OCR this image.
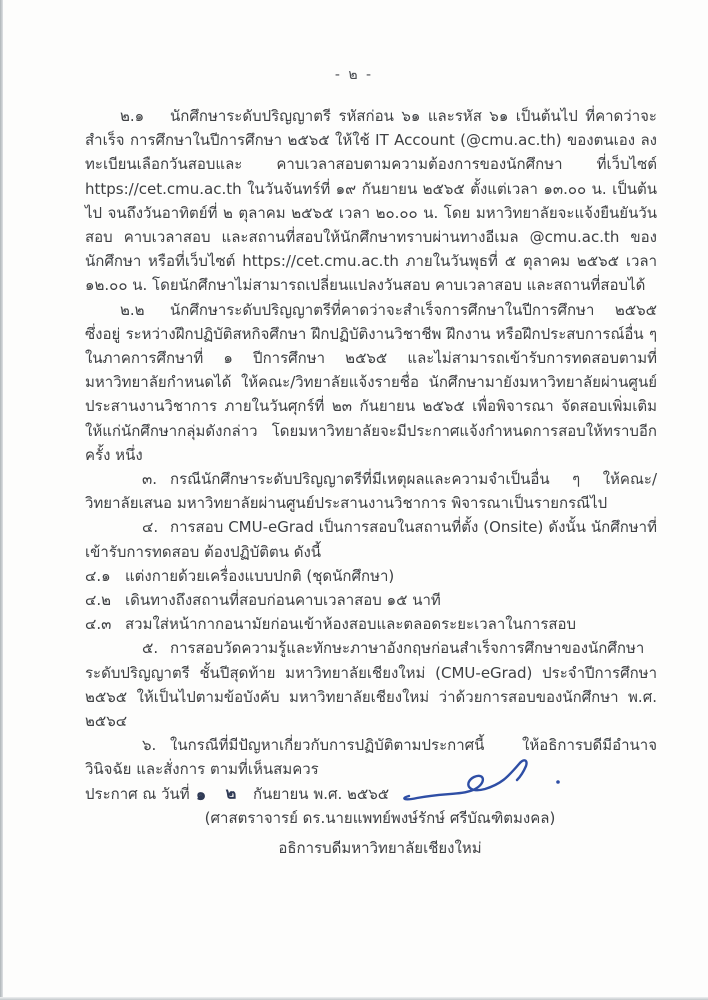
- ๒ -

๒.๑ นักศึกษาระดับปริญญาตรี รหัสก่อน ๖๑ และรหัส ๖๑ เป็นต้นไป ที่คาดว่าจะสำเร็จ การศึกษาในปีการศึกษา ๒๕๖๕ ให้ใช้ IT Account (@cmu.ac.th) ของตนเอง ลงทะเบียนเลือกวันสอบและ คาบเวลาสอบตามความต้องการของนักศึกษา ที่เว็บไซต์ https://cet.cmu.ac.th ในวันจันทร์ที่ ๑๙ กันยายน ๒๕๖๕ ตั้งแต่เวลา ๑๓.๐๐ น. เป็นต้นไป จนถึงวันอาทิตย์ที่ ๒ ตุลาคม ๒๕๖๕ เวลา ๒๐.๐๐ น. โดย มหาวิทยาลัยจะแจ้งยืนยันวันสอบ คาบเวลาสอบ และสถานที่สอบให้นักศึกษาทราบผ่านทางอีเมล @cmu.ac.th ของนักศึกษา หรือที่เว็บไซต์ https://cet.cmu.ac.th ภายในวันพุธที่ ๕ ตุลาคม ๒๕๖๕ เวลา ๑๒.๐๐ น. โดยนักศึกษาไม่สามารถเปลี่ยนแปลงวันสอบ คาบเวลาสอบ และสถานที่สอบได้

๒.๒ นักศึกษาระดับปริญญาตรีที่คาดว่าจะสำเร็จการศึกษาในปีการศึกษา ๒๕๖๕ ซึ่งอยู่ ระหว่างฝึกปฏิบัติสหกิจศึกษา ฝึกปฏิบัติงานวิชาชีพ ฝึกงาน หรือฝึกประสบการณ์อื่น ๆ ในภาคการศึกษาที่ ๑ ปีการศึกษา ๒๕๖๕ และไม่สามารถเข้ารับการทดสอบตามที่มหาวิทยาลัยกำหนดได้ ให้คณะ/วิทยาลัยแจ้งรายชื่อ นักศึกษามายังมหาวิทยาลัยผ่านศูนย์ประสานงานวิชาการ ภายในวันศุกร์ที่ ๒๓ กันยายน ๒๕๖๕ เพื่อพิจารณา จัดสอบเพิ่มเติมให้แก่นักศึกษากลุ่มดังกล่าว โดยมหาวิทยาลัยจะมีประกาศแจ้งกำหนดการสอบให้ทราบอีกครั้ง หนึ่ง

๓. กรณีนักศึกษาระดับปริญญาตรีที่มีเหตุผลและความจำเป็นอื่น ๆ ให้คณะ/วิทยาลัยเสนอ มหาวิทยาลัยผ่านศูนย์ประสานงานวิชาการ พิจารณาเป็นรายกรณีไป

๔. การสอบ CMU-eGrad เป็นการสอบในสถานที่ตั้ง (Onsite) ดังนั้น นักศึกษาที่เข้ารับการทดสอบ ต้องปฏิบัติตน ดังนี้

๔.๑ แต่งกายด้วยเครื่องแบบปกติ (ชุดนักศึกษา)

๔.๒ เดินทางถึงสถานที่สอบก่อนคาบเวลาสอบ ๑๕ นาที

๔.๓ สวมใส่หน้ากากอนามัยก่อนเข้าห้องสอบและตลอดระยะเวลาในการสอบ

๕. การสอบวัดความรู้และทักษะภาษาอังกฤษก่อนสำเร็จการศึกษาของนักศึกษาระดับปริญญาตรี ชั้นปีสุดท้าย มหาวิทยาลัยเชียงใหม่ (CMU-eGrad) ประจำปีการศึกษา ๒๕๖๕ ให้เป็นไปตามข้อบังคับ มหาวิทยาลัยเชียงใหม่ ว่าด้วยการสอบของนักศึกษา พ.ศ. ๒๕๖๔

๖. ในกรณีที่มีปัญหาเกี่ยวกับการปฏิบัติตามประกาศนี้ ให้อธิการบดีมีอำนาจวินิจฉัย และสั่งการ ตามที่เห็นสมควร

ประกาศ ณ วันที่ ๑ ๒ กันยายน พ.ศ. ๒๕๖๕

(ศาสตราจารย์ ดร.นายแพทย์พงษ์รักษ์ ศรีบัณฑิตมงคล)
อธิการบดีมหาวิทยาลัยเชียงใหม่
